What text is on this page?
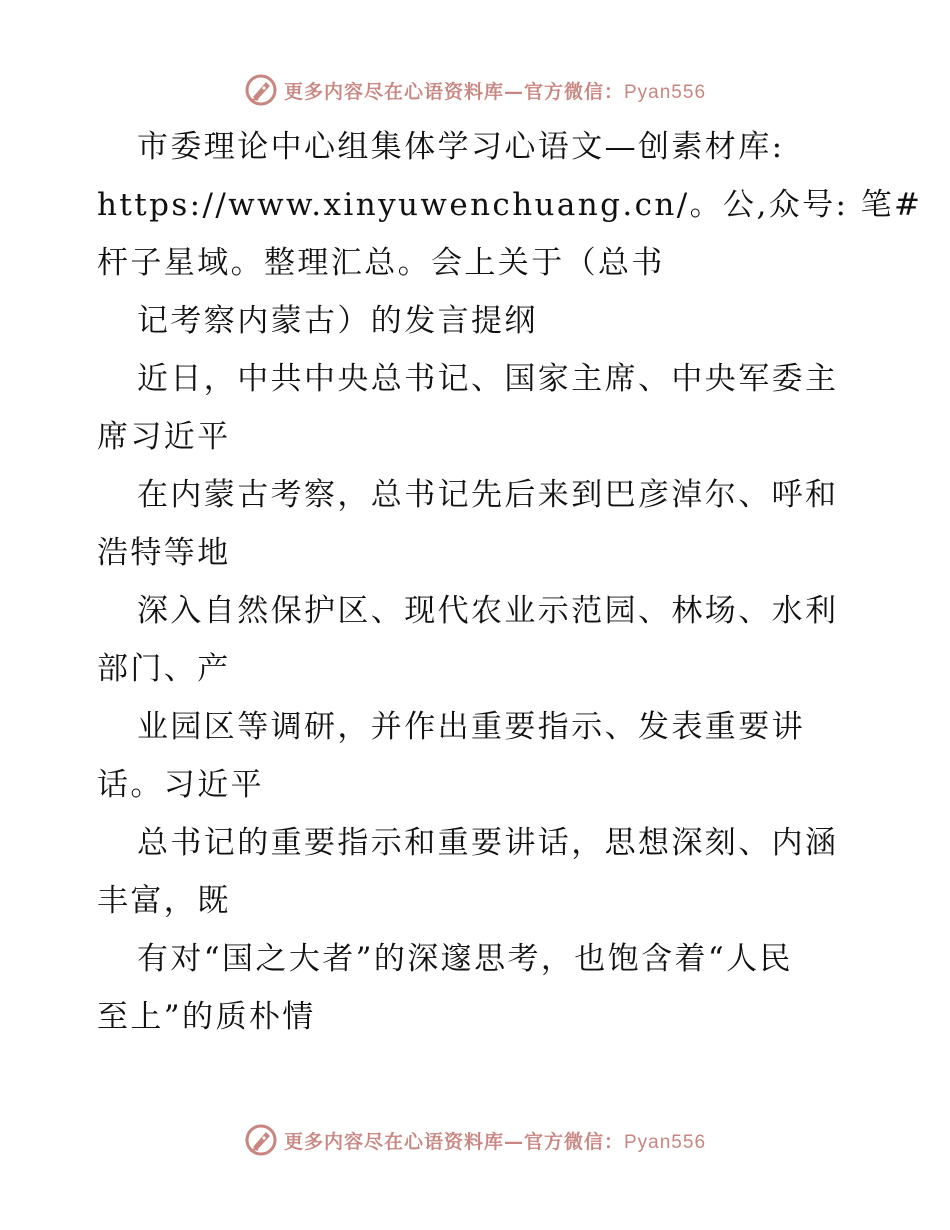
更多内容尽在心语资料库—官方微信：Pyan556
市委理论中心组集体学习心语文—创素材库:
https://www.xinyuwenchuang.cn/。公,众号: 笔#
杆子星域。整理汇总。会上关于（总书
记考察内蒙古）的发言提纲
近日，中共中央总书记、国家主席、中央军委主
席习近平
在内蒙古考察，总书记先后来到巴彦淖尔、呼和
浩特等地
深入自然保护区、现代农业示范园、林场、水利
部门、产
业园区等调研，并作出重要指示、发表重要讲
话。习近平
总书记的重要指示和重要讲话，思想深刻、内涵
丰富，既
有对“国之大者”的深邃思考，也饱含着“人民
至上”的质朴情
更多内容尽在心语资料库—官方微信：Pyan556
